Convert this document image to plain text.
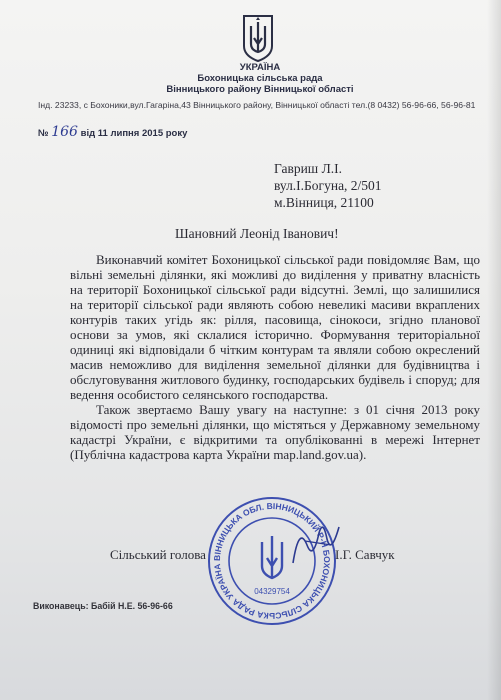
УКРАЇНА
Бохоницька сільська рада
Вінницького району Вінницької області
Інд. 23233, с Бохоники,вул.Гагаріна,43 Вінницького району, Вінницької області тел.(8 0432) 56-96-66, 56-96-81
№ 166 від 11 липня 2015 року
Гавриш Л.І.
вул.І.Богуна, 2/501
м.Вінниця, 21100
Шановний Леонід Іванович!

Виконавчий комітет Бохоницької сільської ради повідомляє Вам, що вільні земельні ділянки, які можливі до виділення у приватну власність на території Бохоницької сільської ради відсутні. Землі, що залишилися на території сільської ради являють собою невеликі масиви вкраплених контурів таких угідь як: рілля, пасовища, сінокоси, згідно планової основи за умов, які склалися історично. Формування територіальної одиниці які відповідали б чітким контурам та являли собою окреслений масив неможливо для виділення земельної ділянки для будівництва і обслуговування житлового будинку, господарських будівель і споруд; для ведення особистого селянського господарства.

Також звертаємо Вашу увагу на наступне: з 01 січня 2013 року відомості про земельні ділянки, що містяться у Державному земельному кадастрі України, є відкритими та опублікованні в мережі Інтернет (Публічна кадастрова карта України map.land.gov.ua).

ВІННИЦЬКА ОБЛ. ВІННИЦЬКИЙ Р-Н БОХОНИЦЬКА СІЛЬСЬКА РАДА УКРАЇНА
04329754
Сільський голова	І.Г. Савчук
Виконавець: Бабій Н.Е. 56-96-66
